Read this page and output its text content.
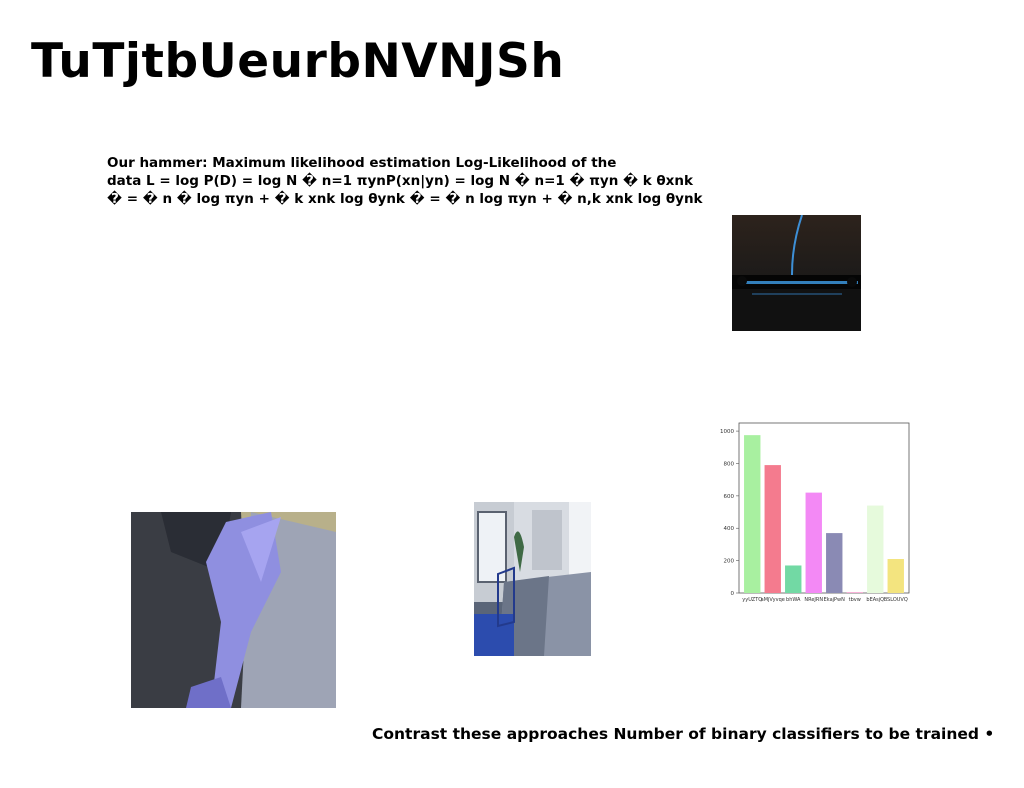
TuTjtbUeurbNVNJSh
Our hammer: Maximum likelihood estimation Log-Likelihood of the
data L = log P(D) = log N � n=1 πynP(xn|yn) = log N � n=1 � πyn � k θxnk
� = � n � log πyn + � k xnk log θynk � = � n log πyn + � n,k xnk log θynk
0
200
400
600
800
1000
yyUZTQ
aMjVyvqe bhWA NReJRN EkajPwN tbvw bEAsjQ BSLOUVQ
Contrast these approaches Number of binary classifiers to be trained •
